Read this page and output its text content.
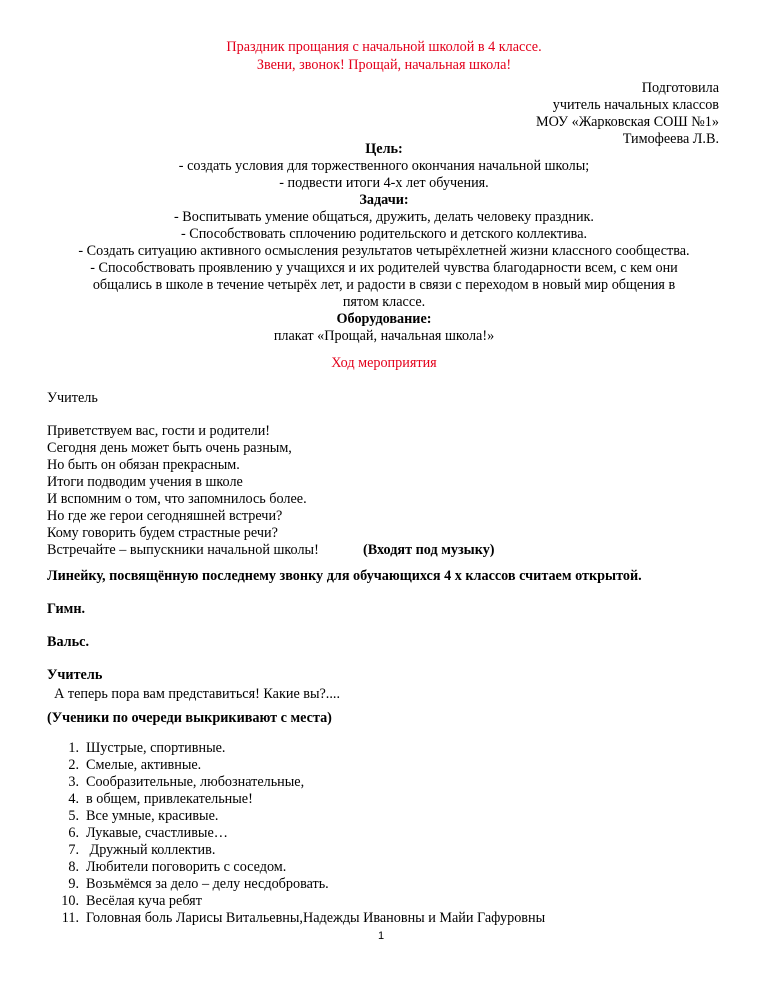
Праздник прощания с начальной школой в 4 классе.
Звени, звонок! Прощай, начальная школа!
Подготовила
учитель начальных классов
МОУ «Жарковская СОШ №1»
Тимофеева Л.В.
Цель:
- создать условия для торжественного окончания начальной школы;
- подвести итоги 4-х лет обучения.
Задачи:
- Воспитывать умение общаться, дружить, делать человеку праздник.
- Способствовать сплочению родительского и детского коллектива.
- Создать ситуацию активного осмысления результатов четырёхлетней жизни классного сообщества.
- Способствовать проявлению у учащихся и их родителей чувства благодарности всем, с кем они
общались в школе в течение четырёх лет, и радости в связи с переходом в новый мир общения в
пятом классе.
Оборудование:
плакат «Прощай, начальная школа!»
Ход мероприятия
Учитель
Приветствуем вас, гости и родители!
Сегодня день может быть очень разным,
Но быть он обязан прекрасным.
Итоги подводим учения в школе
И вспомним о том, что запомнилось более.
Но где же герои сегодняшней встречи?
Кому говорить будем страстные речи?
Встречайте – выпускники начальной школы!	(Входят под музыку)
Линейку, посвящённую последнему звонку для обучающихся 4 х классов считаем открытой.
Гимн.
Вальс.
Учитель
А теперь пора вам представиться! Какие вы?....
(Ученики по очереди выкрикивают с места)
1. Шустрые, спортивные.
2. Смелые, активные.
3. Сообразительные, любознательные,
4. в общем, привлекательные!
5. Все умные, красивые.
6. Лукавые, счастливые…
7. Дружный коллектив.
8. Любители поговорить с соседом.
9. Возьмёмся за дело – делу несдобровать.
10. Весёлая куча ребят
11. Головная боль Ларисы Витальевны,Надежды Ивановны и Майи Гафуровны
1
